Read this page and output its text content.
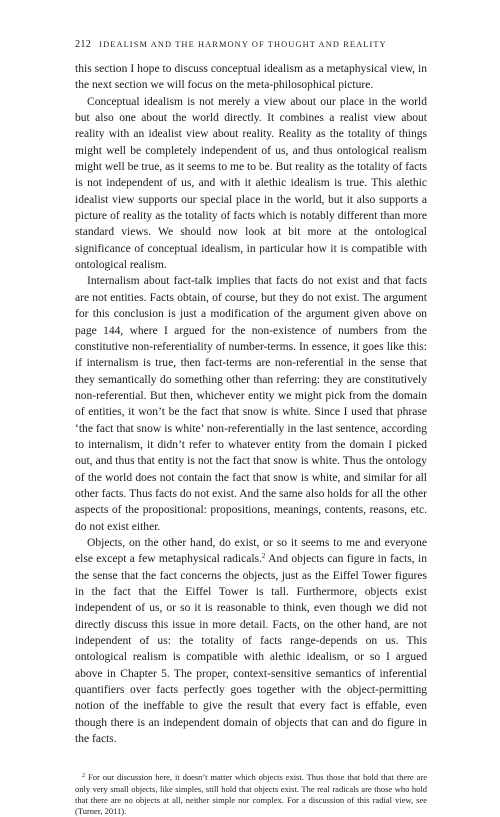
212 IDEALISM AND THE HARMONY OF THOUGHT AND REALITY

this section I hope to discuss conceptual idealism as a metaphysical view, in the next section we will focus on the meta-philosophical picture.

Conceptual idealism is not merely a view about our place in the world but also one about the world directly. It combines a realist view about reality with an idealist view about reality. Reality as the totality of things might well be completely independent of us, and thus ontological realism might well be true, as it seems to me to be. But reality as the totality of facts is not independent of us, and with it alethic idealism is true. This alethic idealist view supports our special place in the world, but it also supports a picture of reality as the totality of facts which is notably different than more standard views. We should now look at bit more at the ontological significance of conceptual idealism, in particular how it is compatible with ontological realism.

Internalism about fact-talk implies that facts do not exist and that facts are not entities. Facts obtain, of course, but they do not exist. The argument for this conclusion is just a modification of the argument given above on page 144, where I argued for the non-existence of numbers from the constitutive non-referentiality of number-terms. In essence, it goes like this: if internalism is true, then fact-terms are non-referential in the sense that they semantically do something other than referring: they are constitutively non-referential. But then, whichever entity we might pick from the domain of entities, it won’t be the fact that snow is white. Since I used that phrase ‘the fact that snow is white’ non-referentially in the last sentence, according to internalism, it didn’t refer to whatever entity from the domain I picked out, and thus that entity is not the fact that snow is white. Thus the ontology of the world does not contain the fact that snow is white, and similar for all other facts. Thus facts do not exist. And the same also holds for all the other aspects of the propositional: propositions, meanings, contents, reasons, etc. do not exist either.

Objects, on the other hand, do exist, or so it seems to me and everyone else except a few metaphysical radicals.$^2$ And objects can figure in facts, in the sense that the fact concerns the objects, just as the Eiffel Tower figures in the fact that the Eiffel Tower is tall. Furthermore, objects exist independent of us, or so it is reasonable to think, even though we did not directly discuss this issue in more detail. Facts, on the other hand, are not independent of us: the totality of facts range-depends on us. This ontological realism is compatible with alethic idealism, or so I argued above in Chapter 5. The proper, context-sensitive semantics of inferential quantifiers over facts perfectly goes together with the object-permitting notion of the ineffable to give the result that every fact is effable, even though there is an independent domain of objects that can and do figure in the facts.

$^2$ For our discussion here, it doesn’t matter which objects exist. Thus those that hold that there are only very small objects, like simples, still hold that objects exist. The real radicals are those who hold that there are no objects at all, neither simple nor complex. For a discussion of this radial view, see (Turner, 2011).
